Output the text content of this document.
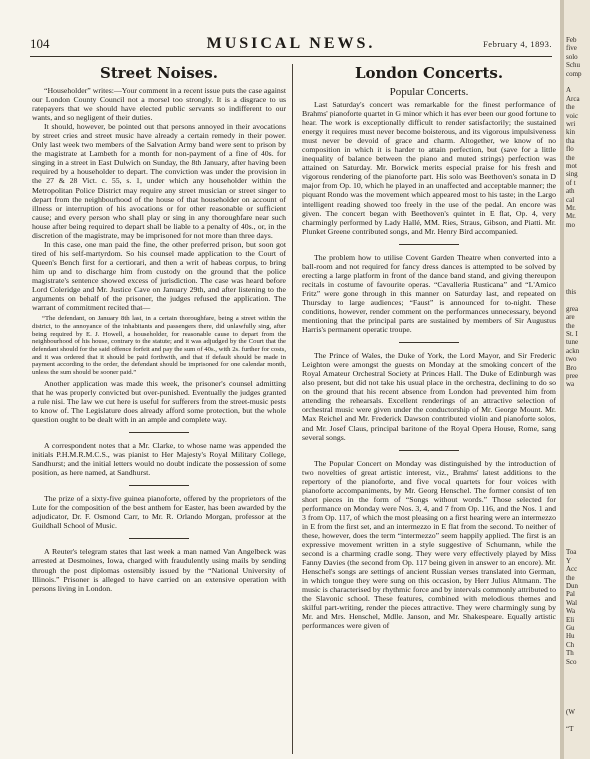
104	MUSICAL NEWS.	February 4, 1893.
Street Noises.

“Householder” writes:—Your comment in a recent issue puts the case against our London County Council not a morsel too strongly. It is a disgrace to us ratepayers that we should have elected public servants so indifferent to our wants, and so negligent of their duties.

It should, however, be pointed out that persons annoyed in their avocations by street cries and street music have already a certain remedy in their power. Only last week two members of the Salvation Army band were sent to prison by the magistrate at Lambeth for a month for non-payment of a fine of 40s. for singing in a street in East Dulwich on Sunday, the 8th January, after having been required by a householder to depart. The conviction was under the provision in the 27 & 28 Vict. c. 55, s. 1, under which any householder within the Metropolitan Police District may require any street musician or street singer to depart from the neighbourhood of the house of that householder on account of illness or interruption of his avocations or for other reasonable or sufficient cause; and every person who shall play or sing in any thoroughfare near such house after being required to depart shall be liable to a penalty of 40s., or, in the discretion of the magistrate, may be imprisoned for not more than three days.

In this case, one man paid the fine, the other preferred prison, but soon got tired of his self-martyrdom. So his counsel made application to the Court of Queen's Bench first for a certiorari, and then a writ of habeas corpus, to bring him up and to discharge him from custody on the ground that the police magistrate's sentence showed excess of jurisdiction. The case was heard before Lord Coleridge and Mr. Justice Cave on January 29th, and after listening to the arguments on behalf of the prisoner, the judges refused the application. The warrant of commitment recited that—

“The defendant, on January 8th last, in a certain thoroughfare, being a street within the district, to the annoyance of the inhabitants and passengers there, did unlawfully sing, after being required by E. J. Howell, a householder, for reasonable cause to depart from the neighbourhood of his house, contrary to the statute; and it was adjudged by the Court that the defendant should for the said offence forfeit and pay the sum of 40s., with 2s. further for costs, and it was ordered that it should be paid forthwith, and that if default should be made in payment according to the order, the defendant should be imprisoned for one calendar month, unless the sum should be sooner paid.”

Another application was made this week, the prisoner's counsel admitting that he was properly convicted but over-punished. Eventually the judges granted a rule nisi. The law we cut here is useful for sufferers from the street-music pests to know of. The Legislature does already afford some protection, but the whole question ought to be dealt with in an ample and complete way.

A correspondent notes that a Mr. Clarke, to whose name was appended the initials P.H.M.R.M.C.S., was pianist to Her Majesty's Royal Military College, Sandhurst; and the initial letters would no doubt indicate the possession of some position, as here named, at Sandhurst.

The prize of a sixty-five guinea pianoforte, offered by the proprietors of the Lute for the composition of the best anthem for Easter, has been awarded by the adjudicator, Dr. F. Osmond Carr, to Mr. R. Orlando Morgan, professor at the Guildhall School of Music.

A Reuter's telegram states that last week a man named Van Angelbeck was arrested at Desmoines, Iowa, charged with fraudulently using mails by sending through the post diplomas ostensibly issued by the “National University of Illinois.” Prisoner is alleged to have carried on an extensive operation with persons living in London.

London Concerts.
Popular Concerts.

Last Saturday's concert was remarkable for the finest performance of Brahms' pianoforte quartet in G minor which it has ever been our good fortune to hear. The work is exceptionally difficult to render satisfactorily; the sustained energy it requires must never become boisterous, and its vigorous impulsiveness must never be devoid of grace and charm. Altogether, we know of no composition in which it is harder to attain perfection, but (save for a little inequality of balance between the piano and muted strings) perfection was attained on Saturday. Mr. Borwick merits especial praise for his fresh and vigorous rendering of the pianoforte part. His solo was Beethoven's sonata in D major from Op. 10, which he played in an unaffected and acceptable manner; the piquant Rondo was the movement which appeared most to his taste; in the Largo intelligent reading showed too freely in the use of the pedal. An encore was given. The concert began with Beethoven's quintet in E flat, Op. 4, very charmingly performed by Lady Hallé, MM. Ries, Straus, Gibson, and Piatti. Mr. Plunket Greene contributed songs, and Mr. Henry Bird accompanied.

The problem how to utilise Covent Garden Theatre when converted into a ball-room and not required for fancy dress dances is attempted to be solved by erecting a large platform in front of the dance band stand, and giving thereupon recitals in costume of favourite operas. “Cavalleria Rusticana” and “L'Amico Fritz” were gone through in this manner on Saturday last, and repeated on Thursday to large audiences; “Faust” is announced for to-night. These conditions, however, render comment on the performances unnecessary, beyond mentioning that the principal parts are sustained by members of Sir Augustus Harris's permanent operatic troupe.

The Prince of Wales, the Duke of York, the Lord Mayor, and Sir Frederic Leighton were amongst the guests on Monday at the smoking concert of the Royal Amateur Orchestral Society at Princes Hall. The Duke of Edinburgh was also present, but did not take his usual place in the orchestra, declining to do so on the ground that his recent absence from London had prevented him from attending the rehearsals. Excellent renderings of an attractive selection of orchestral music were given under the conductorship of Mr. George Mount. Mr. Max Reichel and Mr. Frederick Dawson contributed violin and pianoforte solos, and Mr. Josef Claus, principal baritone of the Royal Opera House, Rome, sang several songs.

The Popular Concert on Monday was distinguished by the introduction of two novelties of great artistic interest, viz., Brahms' latest additions to the repertory of the pianoforte, and five vocal quartets for four voices with pianoforte accompaniments, by Mr. Georg Henschel. The former consist of ten short pieces in the form of “Songs without words.” Those selected for performance on Monday were Nos. 3, 4, and 7 from Op. 116, and the Nos. 1 and 3 from Op. 117, of which the most pleasing on a first hearing were an intermezzo in E from the first set, and an intermezzo in E flat from the second. To neither of these, however, does the term “intermezzo” seem happily applied. The first is an expressive movement written in a style suggestive of Schumann, while the second is a charming cradle song. They were very effectively played by Miss Fanny Davies (the second from Op. 117 being given in answer to an encore). Mr. Henschel's songs are settings of ancient Russian verses translated into German, in which tongue they were sung on this occasion, by Herr Julius Altmann. The music is characterised by rhythmic force and by intervals commonly attributed to the Slavonic school. These features, combined with melodious themes and skilful part-writing, render the pieces attractive. They were charmingly sung by Mr. and Mrs. Henschel, Mdlle. Janson, and Mr. Shakespeare. Equally artistic performances were given of

Feb
five
solo
Schu
comp
A
Arca
the
voic
wri
kin
tha
flo
the
mot
sing
of t
ath
cal
Mr.
Mr.
mo
this
grea
are
the
St. I
tune
ackn
two
Bro
pree
wa
Toa
Y
Acc
the
Dun
Pal
Wal
Wa
Eli
Gu
Hu
Ch
Th
Sco
(W
“T
